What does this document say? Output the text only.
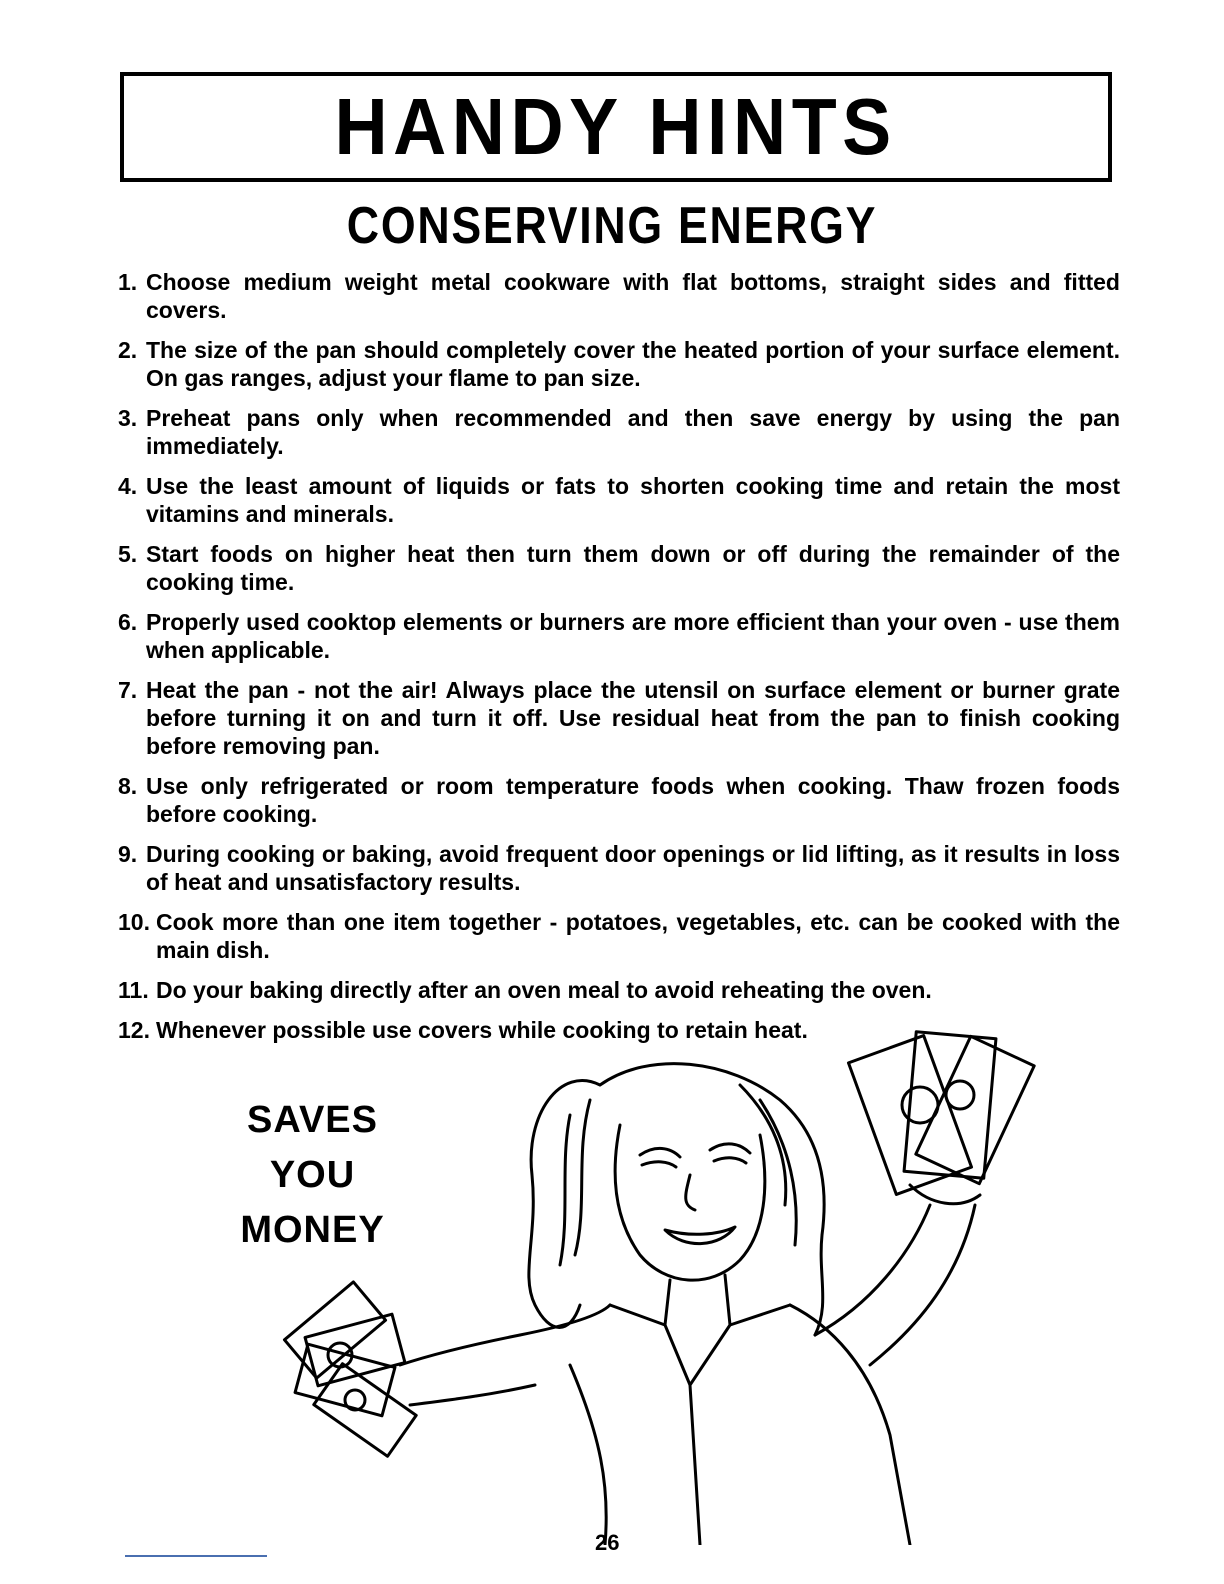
HANDY HINTS
CONSERVING ENERGY
1. Choose medium weight metal cookware with flat bottoms, straight sides and fitted covers.
2. The size of the pan should completely cover the heated portion of your surface element. On gas ranges, adjust your flame to pan size.
3. Preheat pans only when recommended and then save energy by using the pan immediately.
4. Use the least amount of liquids or fats to shorten cooking time and retain the most vitamins and minerals.
5. Start foods on higher heat then turn them down or off during the remainder of the cooking time.
6. Properly used cooktop elements or burners are more efficient than your oven - use them when applicable.
7. Heat the pan - not the air! Always place the utensil on surface element or burner grate before turning it on and turn it off. Use residual heat from the pan to finish cooking before removing pan.
8. Use only refrigerated or room temperature foods when cooking. Thaw frozen foods before cooking.
9. During cooking or baking, avoid frequent door openings or lid lifting, as it results in loss of heat and unsatisfactory results.
10. Cook more than one item together - potatoes, vegetables, etc. can be cooked with the main dish.
11. Do your baking directly after an oven meal to avoid reheating the oven.
12. Whenever possible use covers while cooking to retain heat.
SAVES
YOU
MONEY
26
